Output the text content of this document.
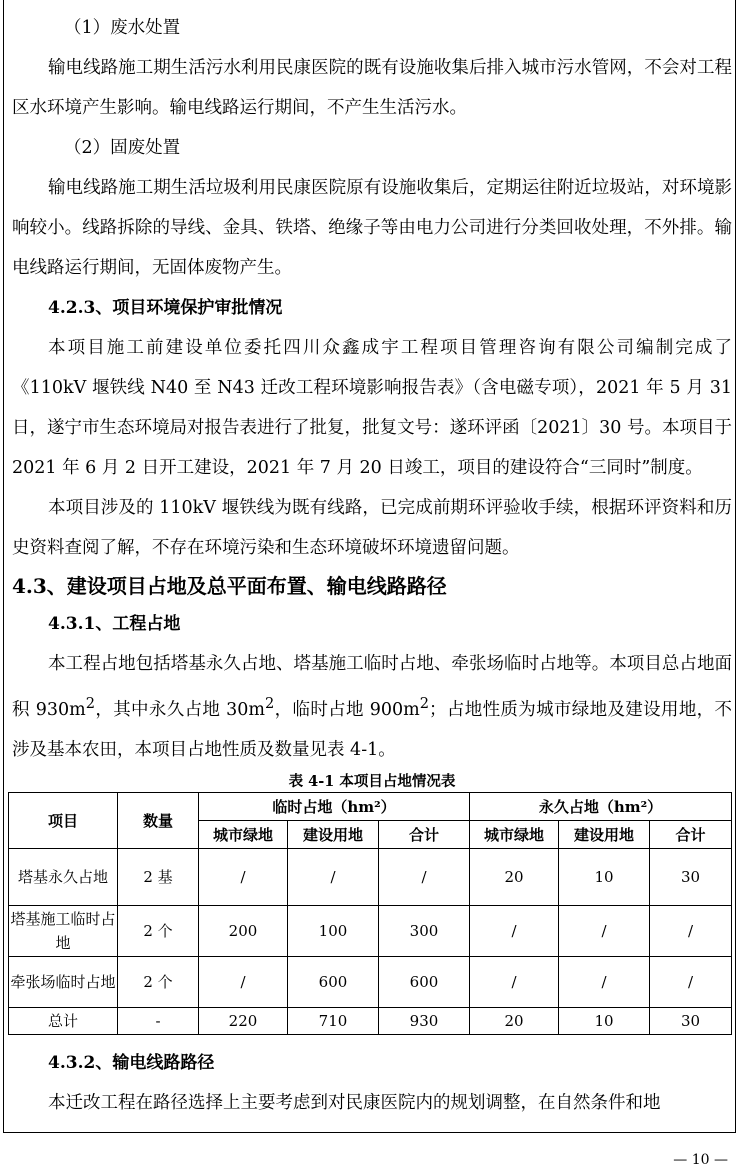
（1）废水处置

输电线路施工期生活污水利用民康医院的既有设施收集后排入城市污水管网，不会对工程区水环境产生影响。输电线路运行期间，不产生生活污水。

（2）固废处置

输电线路施工期生活垃圾利用民康医院原有设施收集后，定期运往附近垃圾站，对环境影响较小。线路拆除的导线、金具、铁塔、绝缘子等由电力公司进行分类回收处理，不外排。输电线路运行期间，无固体废物产生。

4.2.3、项目环境保护审批情况

本项目施工前建设单位委托四川众鑫成宇工程项目管理咨询有限公司编制完成了《110kV 堰铁线 N40 至 N43 迁改工程环境影响报告表》（含电磁专项），2021 年 5 月 31 日，遂宁市生态环境局对报告表进行了批复，批复文号：遂环评函〔2021〕30 号。本项目于 2021 年 6 月 2 日开工建设，2021 年 7 月 20 日竣工，项目的建设符合“三同时”制度。

本项目涉及的 110kV 堰铁线为既有线路，已完成前期环评验收手续，根据环评资料和历史资料查阅了解，不存在环境污染和生态环境破坏环境遗留问题。

4.3、建设项目占地及总平面布置、输电线路路径
4.3.1、工程占地

本工程占地包括塔基永久占地、塔基施工临时占地、牵张场临时占地等。本项目总占地面积 $930m^2$，其中永久占地 $30m^2$，临时占地 $900m^2$；占地性质为城市绿地及建设用地，不涉及基本农田，本项目占地性质及数量见表 4-1。

表 4-1 本项目占地情况表
项目	数量	临时占地（hm²）			永久占地（hm²）		
		城市绿地	建设用地	合计	城市绿地	建设用地	合计
塔基永久占地	2 基	/	/	/	20	10	30
塔基施工临时占地	2 个	200	100	300	/	/	/
牵张场临时占地	2 个	/	600	600	/	/	/
总计	-	220	710	930	20	10	30
4.3.2、输电线路路径

本迁改工程在路径选择上主要考虑到对民康医院内的规划调整，在自然条件和地

— 10 —
